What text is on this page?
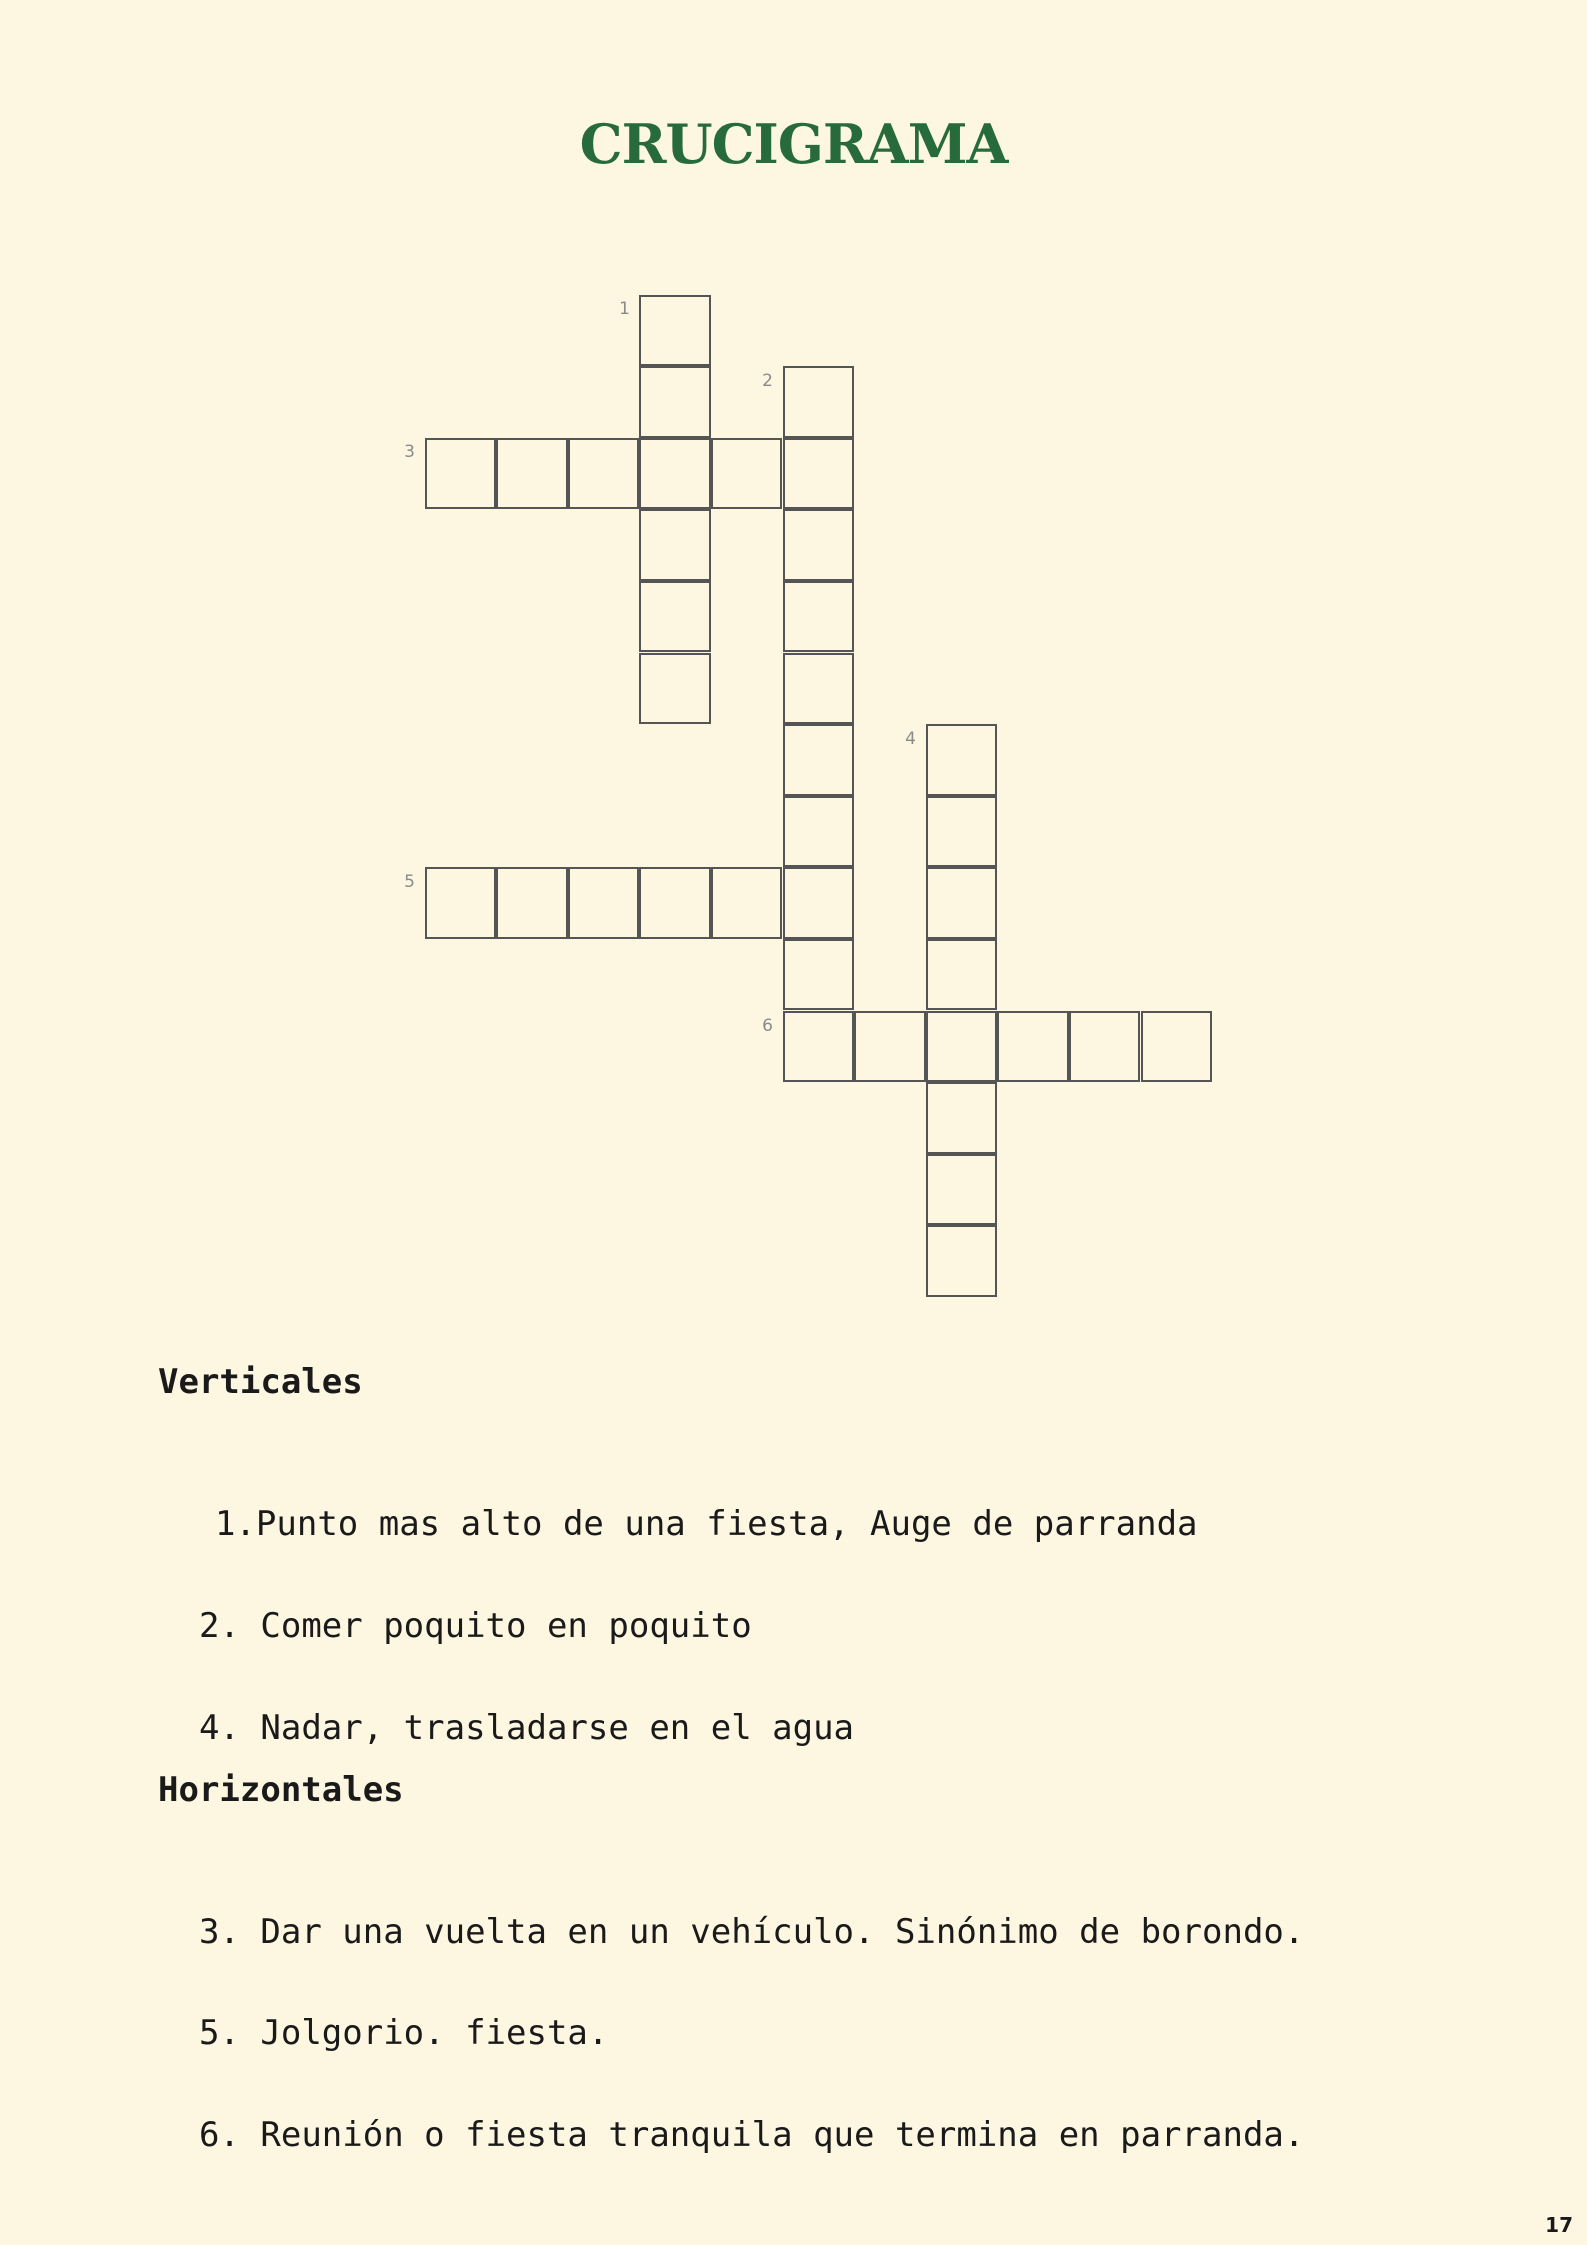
CRUCIGRAMA
1
2
3
4
5
6
Verticales

1.Punto mas alto de una fiesta, Auge de parranda

2. Comer poquito en poquito

4. Nadar, trasladarse en el agua

Horizontales

3. Dar una vuelta en un vehículo. Sinónimo de borondo.

5. Jolgorio. fiesta.

6. Reunión o fiesta tranquila que termina en parranda.

17
